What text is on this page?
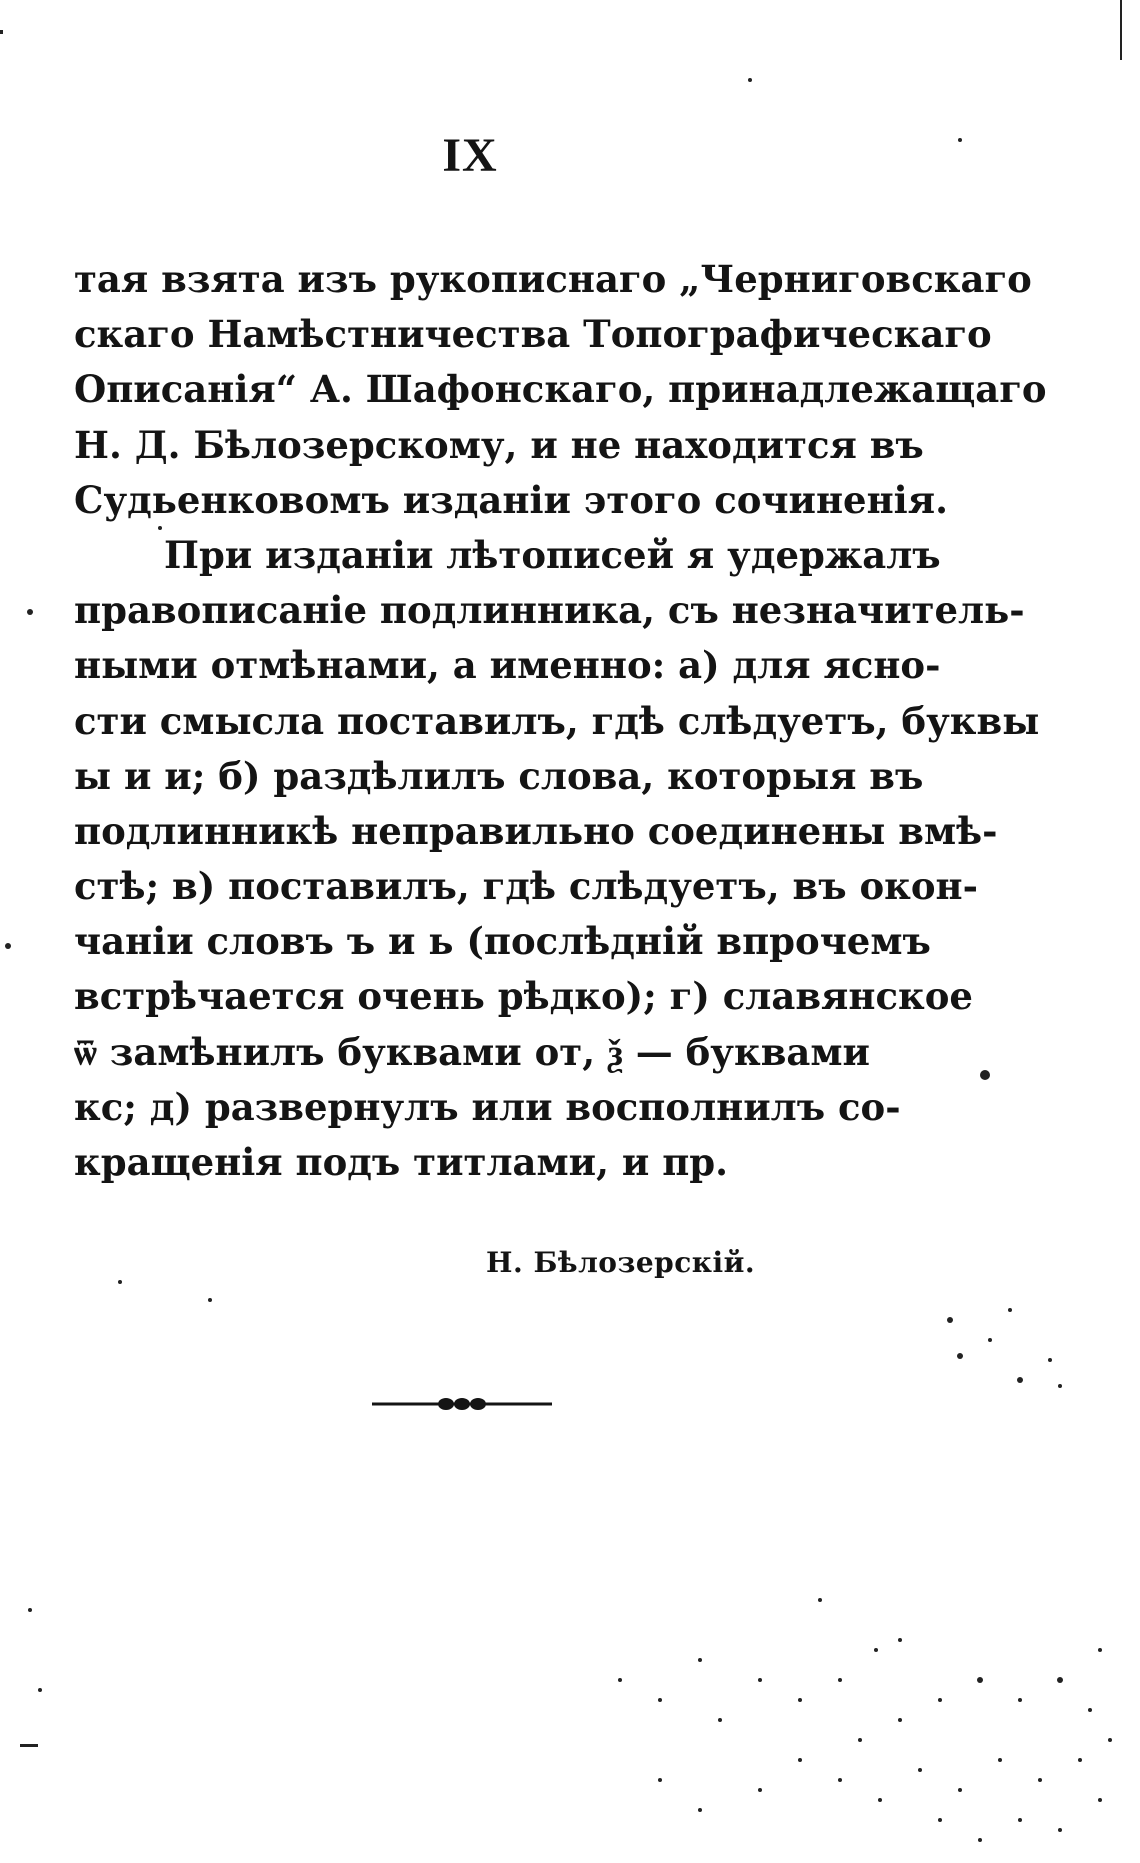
IX
тая взята изъ рукописнаго „Черниговскаго
скаго Намѣстничества Топографическаго
Описанія“ А. Шафонскаго, принадлежащаго
Н. Д. Бѣлозерскому, и не находится въ
Судьенковомъ изданіи этого сочиненія.
При изданіи лѣтописей я удержалъ
правописаніе подлинника, съ незначитель-
ными отмѣнами, а именно: а) для ясно-
сти смысла поставилъ, гдѣ слѣдуетъ, буквы
ы и и; б) раздѣлилъ слова, которыя въ
подлинникѣ неправильно соединены вмѣ-
стѣ; в) поставилъ, гдѣ слѣдуетъ, въ окон-
чаніи словъ ъ и ь (послѣдній впрочемъ
встрѣчается очень рѣдко); г) славянское
ѿ замѣнилъ буквами от, ѯ — буквами
кс; д) развернулъ или восполнилъ со-
кращенія подъ титлами, и пр.
Н. Бѣлозерскій.
